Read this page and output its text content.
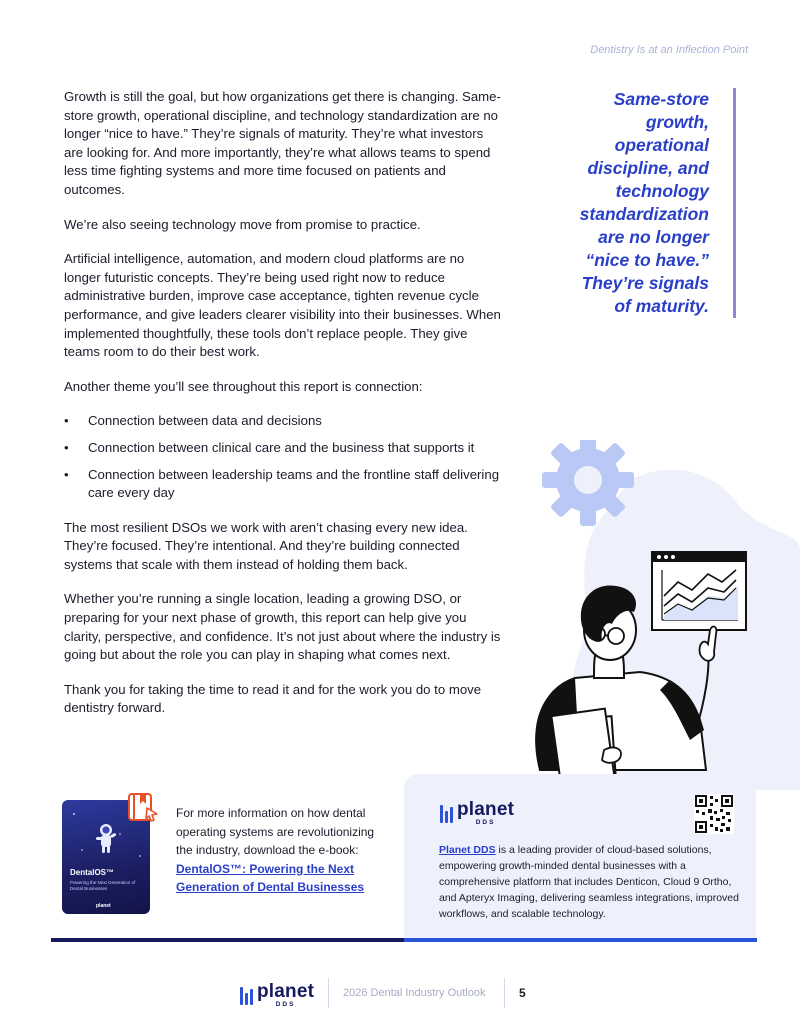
Dentistry Is at an Inflection Point

Growth is still the goal, but how organizations get there is changing. Same-store growth, operational discipline, and technology standardization are no longer “nice to have.” They’re signals of maturity. They’re what investors are looking for. And more importantly, they’re what allows teams to spend less time fighting systems and more time focused on patients and outcomes.

We’re also seeing technology move from promise to practice.

Artificial intelligence, automation, and modern cloud platforms are no longer futuristic concepts. They’re being used right now to reduce administrative burden, improve case acceptance, tighten revenue cycle performance, and give leaders clearer visibility into their businesses. When implemented thoughtfully, these tools don’t replace people. They give teams room to do their best work.

Another theme you’ll see throughout this report is connection:

• Connection between data and decisions
• Connection between clinical care and the business that supports it
• Connection between leadership teams and the frontline staff delivering care every day

The most resilient DSOs we work with aren’t chasing every new idea. They’re focused. They’re intentional. And they’re building connected systems that scale with them instead of holding them back.

Whether you’re running a single location, leading a growing DSO, or preparing for your next phase of growth, this report can help give you clarity, perspective, and confidence. It’s not just about where the industry is going but about the role you can play in shaping what comes next.

Thank you for taking the time to read it and for the work you do to move dentistry forward.

Same-store growth, operational discipline, and technology standardization are no longer “nice to have.” They’re signals of maturity.
DentalOS™
Powering the Next Generation of Dental Businesses
planet
For more information on how dental operating systems are revolutionizing the industry, download the e-book:
DentalOS™: Powering the Next Generation of Dental Businesses
planet
DDS
Planet DDS is a leading provider of cloud-based solutions, empowering growth-minded dental businesses with a comprehensive platform that includes Denticon, Cloud 9 Ortho, and Apteryx Imaging, delivering seamless integrations, improved workflows, and scalable technology.
planet
DDS
2026 Dental Industry Outlook	5
